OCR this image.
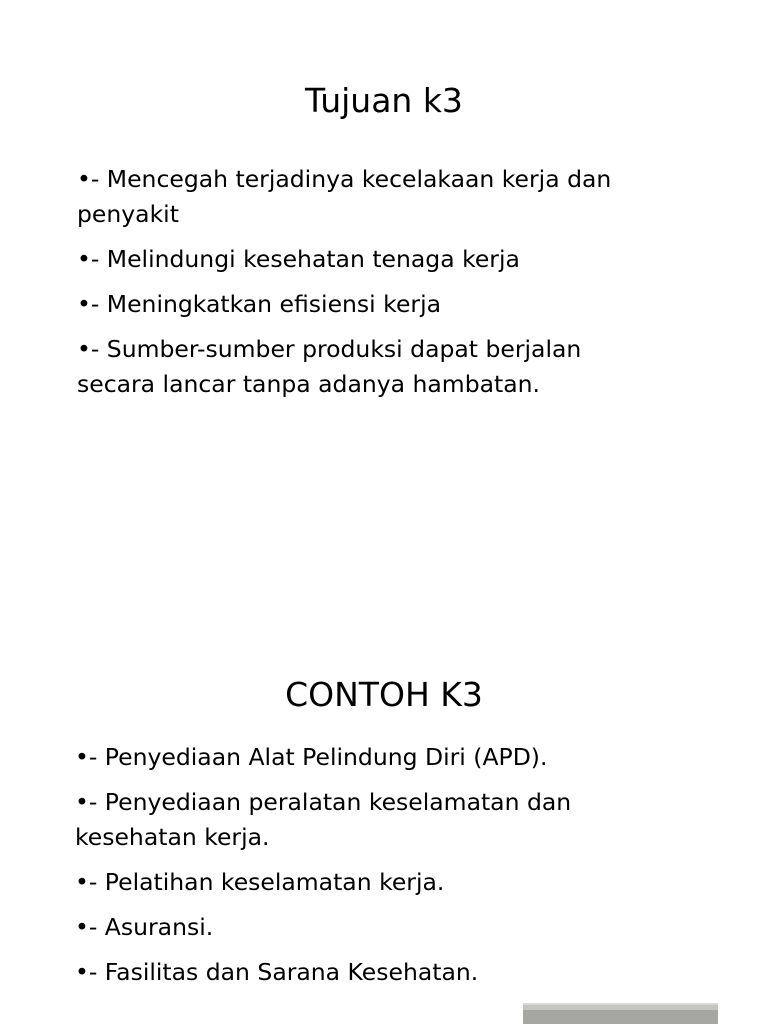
Tujuan k3
•- Mencegah terjadinya kecelakaan kerja dan
penyakit
•- Melindungi kesehatan tenaga kerja
•- Meningkatkan efisiensi kerja
•- Sumber-sumber produksi dapat berjalan
secara lancar tanpa adanya hambatan.
CONTOH K3
•- Penyediaan Alat Pelindung Diri (APD).
•- Penyediaan peralatan keselamatan dan
kesehatan kerja.
•- Pelatihan keselamatan kerja.
•- Asuransi.
•- Fasilitas dan Sarana Kesehatan.
